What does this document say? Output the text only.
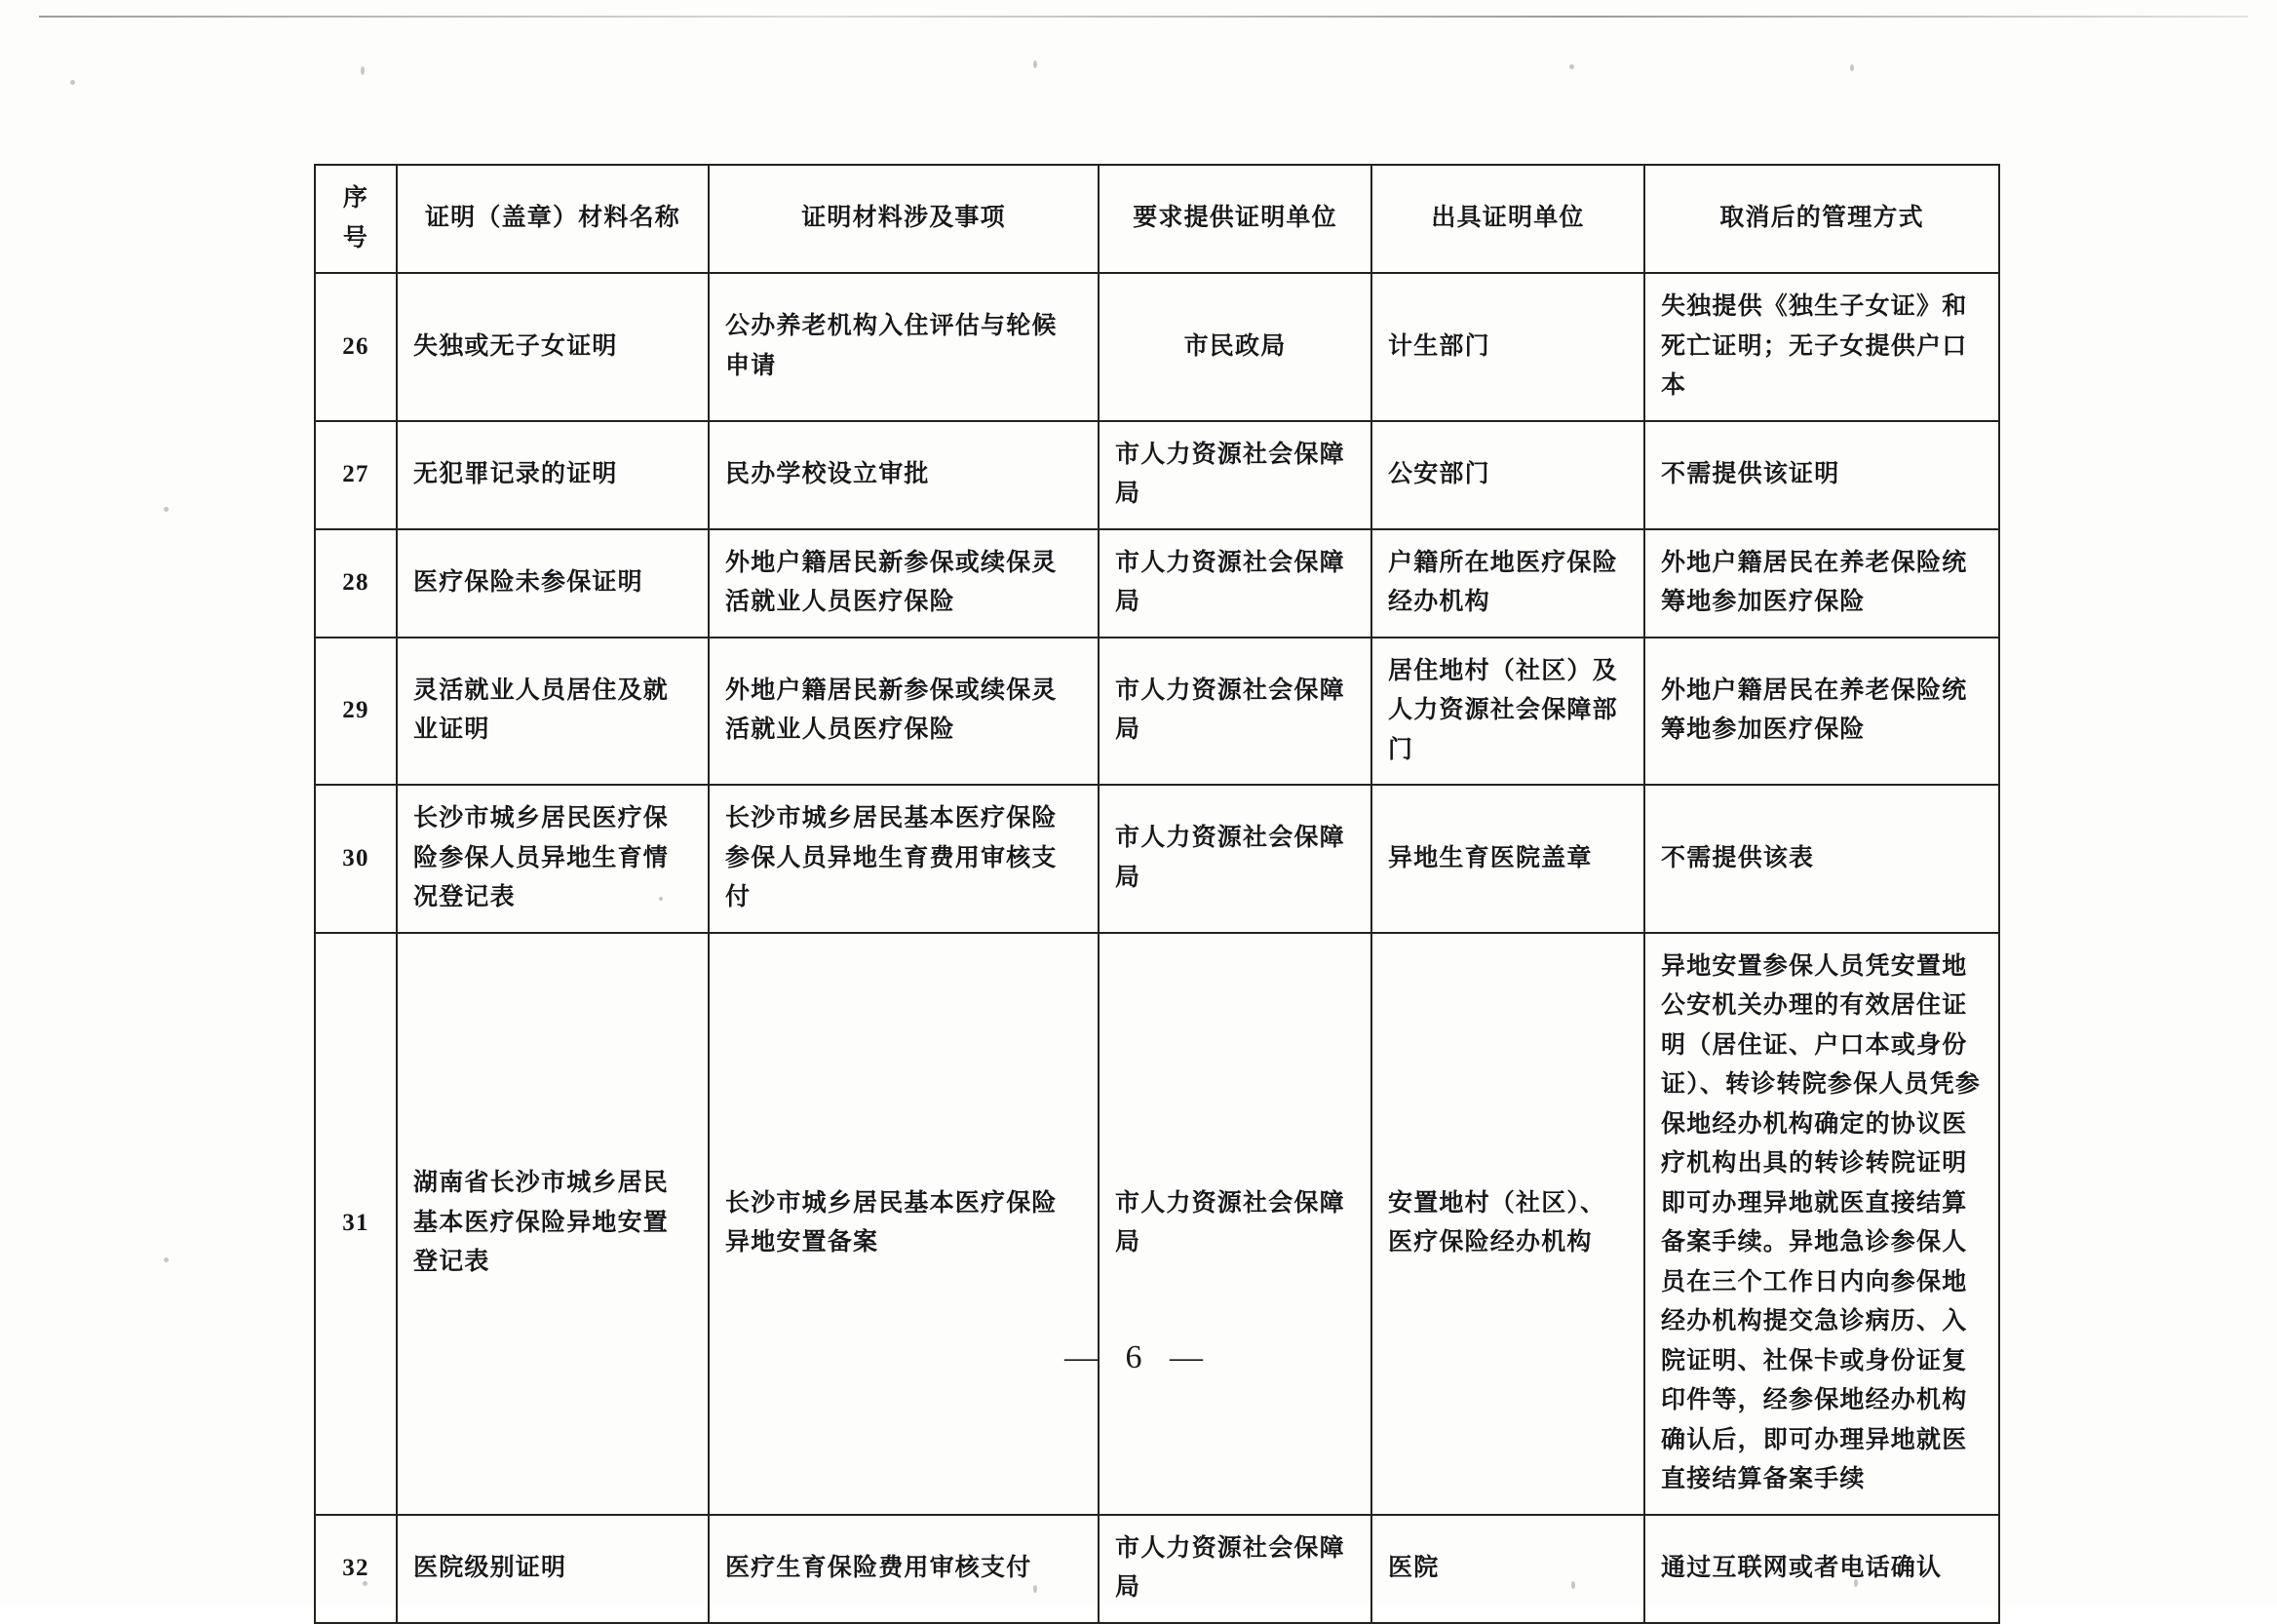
序号	证明（盖章）材料名称	证明材料涉及事项	要求提供证明单位	出具证明单位	取消后的管理方式
26	失独或无子女证明	公办养老机构入住评估与轮候申请	市民政局	计生部门	失独提供《独生子女证》和死亡证明；无子女提供户口本
27	无犯罪记录的证明	民办学校设立审批	市人力资源社会保障局	公安部门	不需提供该证明
28	医疗保险未参保证明	外地户籍居民新参保或续保灵活就业人员医疗保险	市人力资源社会保障局	户籍所在地医疗保险经办机构	外地户籍居民在养老保险统筹地参加医疗保险
29	灵活就业人员居住及就业证明	外地户籍居民新参保或续保灵活就业人员医疗保险	市人力资源社会保障局	居住地村（社区）及人力资源社会保障部门	外地户籍居民在养老保险统筹地参加医疗保险
30	长沙市城乡居民医疗保险参保人员异地生育情况登记表	长沙市城乡居民基本医疗保险参保人员异地生育费用审核支付	市人力资源社会保障局	异地生育医院盖章	不需提供该表
31	湖南省长沙市城乡居民基本医疗保险异地安置登记表	长沙市城乡居民基本医疗保险异地安置备案	市人力资源社会保障局	安置地村（社区）、医疗保险经办机构	异地安置参保人员凭安置地公安机关办理的有效居住证明（居住证、户口本或身份证）、转诊转院参保人员凭参保地经办机构确定的协议医疗机构出具的转诊转院证明即可办理异地就医直接结算备案手续。异地急诊参保人员在三个工作日内向参保地经办机构提交急诊病历、入院证明、社保卡或身份证复印件等，经参保地经办机构确认后，即可办理异地就医直接结算备案手续
32	医院级别证明	医疗生育保险费用审核支付	市人力资源社会保障局	医院	通过互联网或者电话确认
— 6 —
